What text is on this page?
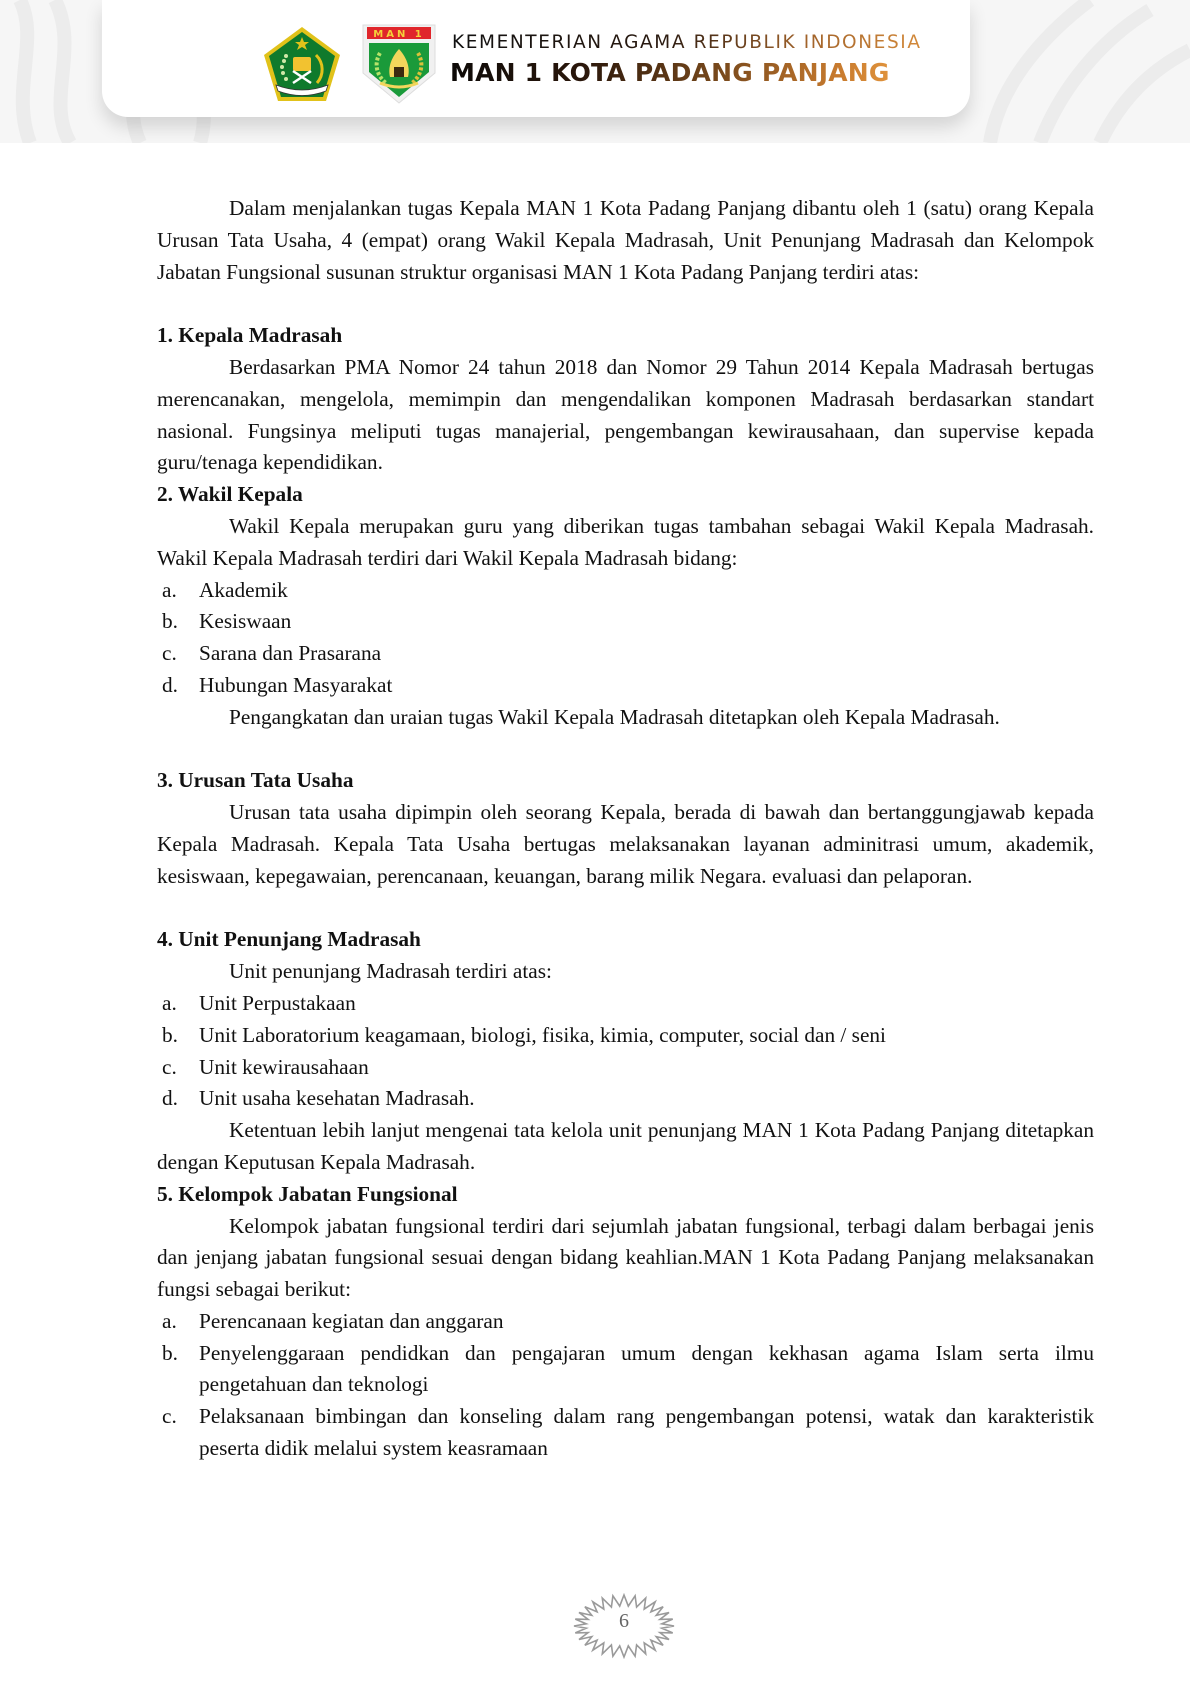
MAN 1 KEMENTERIAN AGAMA REPUBLIK INDONESIA
MAN 1 KOTA PADANG PANJANG

Dalam menjalankan tugas Kepala MAN 1 Kota Padang Panjang dibantu oleh 1 (satu) orang Kepala Urusan Tata Usaha, 4 (empat) orang Wakil Kepala Madrasah, Unit Penunjang Madrasah dan Kelompok Jabatan Fungsional susunan struktur organisasi MAN 1 Kota Padang Panjang terdiri atas:

1. Kepala Madrasah

Berdasarkan PMA Nomor 24 tahun 2018 dan Nomor 29 Tahun 2014 Kepala Madrasah bertugas merencanakan, mengelola, memimpin dan mengendalikan komponen Madrasah berdasarkan standart nasional. Fungsinya meliputi tugas manajerial, pengembangan kewirausahaan, dan supervise kepada guru/tenaga kependidikan.

2. Wakil Kepala

Wakil Kepala merupakan guru yang diberikan tugas tambahan sebagai Wakil Kepala Madrasah. Wakil Kepala Madrasah terdiri dari Wakil Kepala Madrasah bidang:

a. Akademik
b. Kesiswaan
c. Sarana dan Prasarana
d. Hubungan Masyarakat

Pengangkatan dan uraian tugas Wakil Kepala Madrasah ditetapkan oleh Kepala Madrasah.

3. Urusan Tata Usaha

Urusan tata usaha dipimpin oleh seorang Kepala, berada di bawah dan bertanggungjawab kepada Kepala Madrasah. Kepala Tata Usaha bertugas melaksanakan layanan adminitrasi umum, akademik, kesiswaan, kepegawaian, perencanaan, keuangan, barang milik Negara. evaluasi dan pelaporan.

4. Unit Penunjang Madrasah

Unit penunjang Madrasah terdiri atas:

a. Unit Perpustakaan
b. Unit Laboratorium keagamaan, biologi, fisika, kimia, computer, social dan / seni
c. Unit kewirausahaan
d. Unit usaha kesehatan Madrasah.

Ketentuan lebih lanjut mengenai tata kelola unit penunjang MAN 1 Kota Padang Panjang ditetapkan dengan Keputusan Kepala Madrasah.

5. Kelompok Jabatan Fungsional

Kelompok jabatan fungsional terdiri dari sejumlah jabatan fungsional, terbagi dalam berbagai jenis dan jenjang jabatan fungsional sesuai dengan bidang keahlian.MAN 1 Kota Padang Panjang melaksanakan fungsi sebagai berikut:

a. Perencanaan kegiatan dan anggaran
b. Penyelenggaraan pendidkan dan pengajaran umum dengan kekhasan agama Islam serta ilmu pengetahuan dan teknologi
c. Pelaksanaan bimbingan dan konseling dalam rang pengembangan potensi, watak dan karakteristik peserta didik melalui system keasramaan
6
